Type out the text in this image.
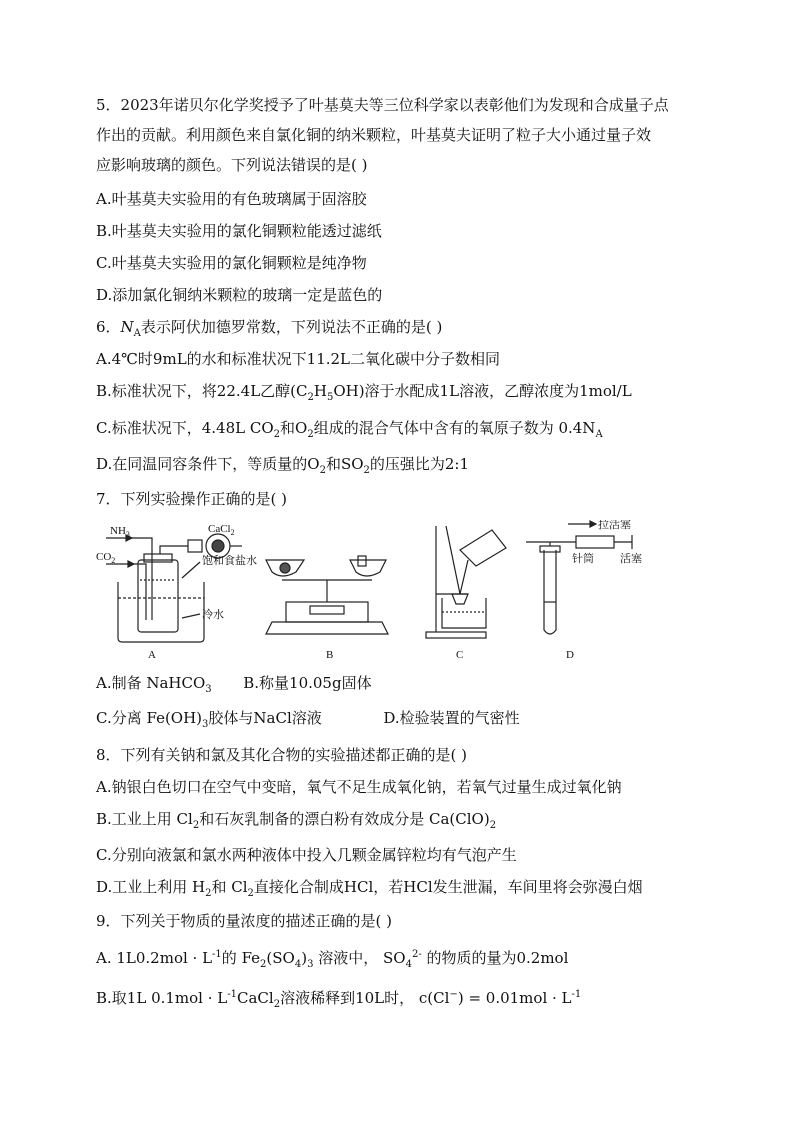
5．2023年诺贝尔化学奖授予了叶基莫夫等三位科学家以表彰他们为发现和合成量子点
作出的贡献。利用颜色来自氯化铜的纳米颗粒，叶基莫夫证明了粒子大小通过量子效
应影响玻璃的颜色。下列说法错误的是( )
A.叶基莫夫实验用的有色玻璃属于固溶胶
B.叶基莫夫实验用的氯化铜颗粒能透过滤纸
C.叶基莫夫实验用的氯化铜颗粒是纯净物
D.添加氯化铜纳米颗粒的玻璃一定是蓝色的
6．$N_A$表示阿伏加德罗常数，下列说法不正确的是( )
A.4℃时9mL的水和标准状况下11.2L二氧化碳中分子数相同
B.标准状况下，将22.4L乙醇$(C_2H_5OH)$溶于水配成1L溶液，乙醇浓度为1mol/L
C.标准状况下，4.48L $CO_2$和$O_2$组成的混合气体中含有的氧原子数为 $0.4N_A$
D.在同温同容条件下，等质量的$O_2$和$SO_2$的压强比为2:1
7．下列实验操作正确的是( )
$NH_3$
$CO_2$
CaCl$_2$
饱和食盐水
冷水
拉活塞
针筒 活塞
A	B	C	D
A.制备 NaHCO$_3$ B.称量10.05g固体
C.分离 $Fe(OH)_3$胶体与NaCl溶液	D.检验装置的气密性
8．下列有关钠和氯及其化合物的实验描述都正确的是( )
A.钠银白色切口在空气中变暗，氧气不足生成氧化钠，若氧气过量生成过氧化钠
B.工业上用 $Cl_2$和石灰乳制备的漂白粉有效成分是 $Ca(ClO)_2$
C.分别向液氯和氯水两种液体中投入几颗金属锌粒均有气泡产生
D.工业上利用 $H_2$和 $Cl_2$直接化合制成HCl，若HCl发生泄漏，车间里将会弥漫白烟
9．下列关于物质的量浓度的描述正确的是( )
A. $1L0.2mol \cdot L^{-1}$的 $Fe_2(SO_4)_3$ 溶液中， $SO_4^{2-}$ 的物质的量为0.2mol
B.取1L $0.1mol \cdot L^{-1}CaCl_2$溶液稀释到10L时， $c(Cl^-) = 0.01mol \cdot L^{-1}$
